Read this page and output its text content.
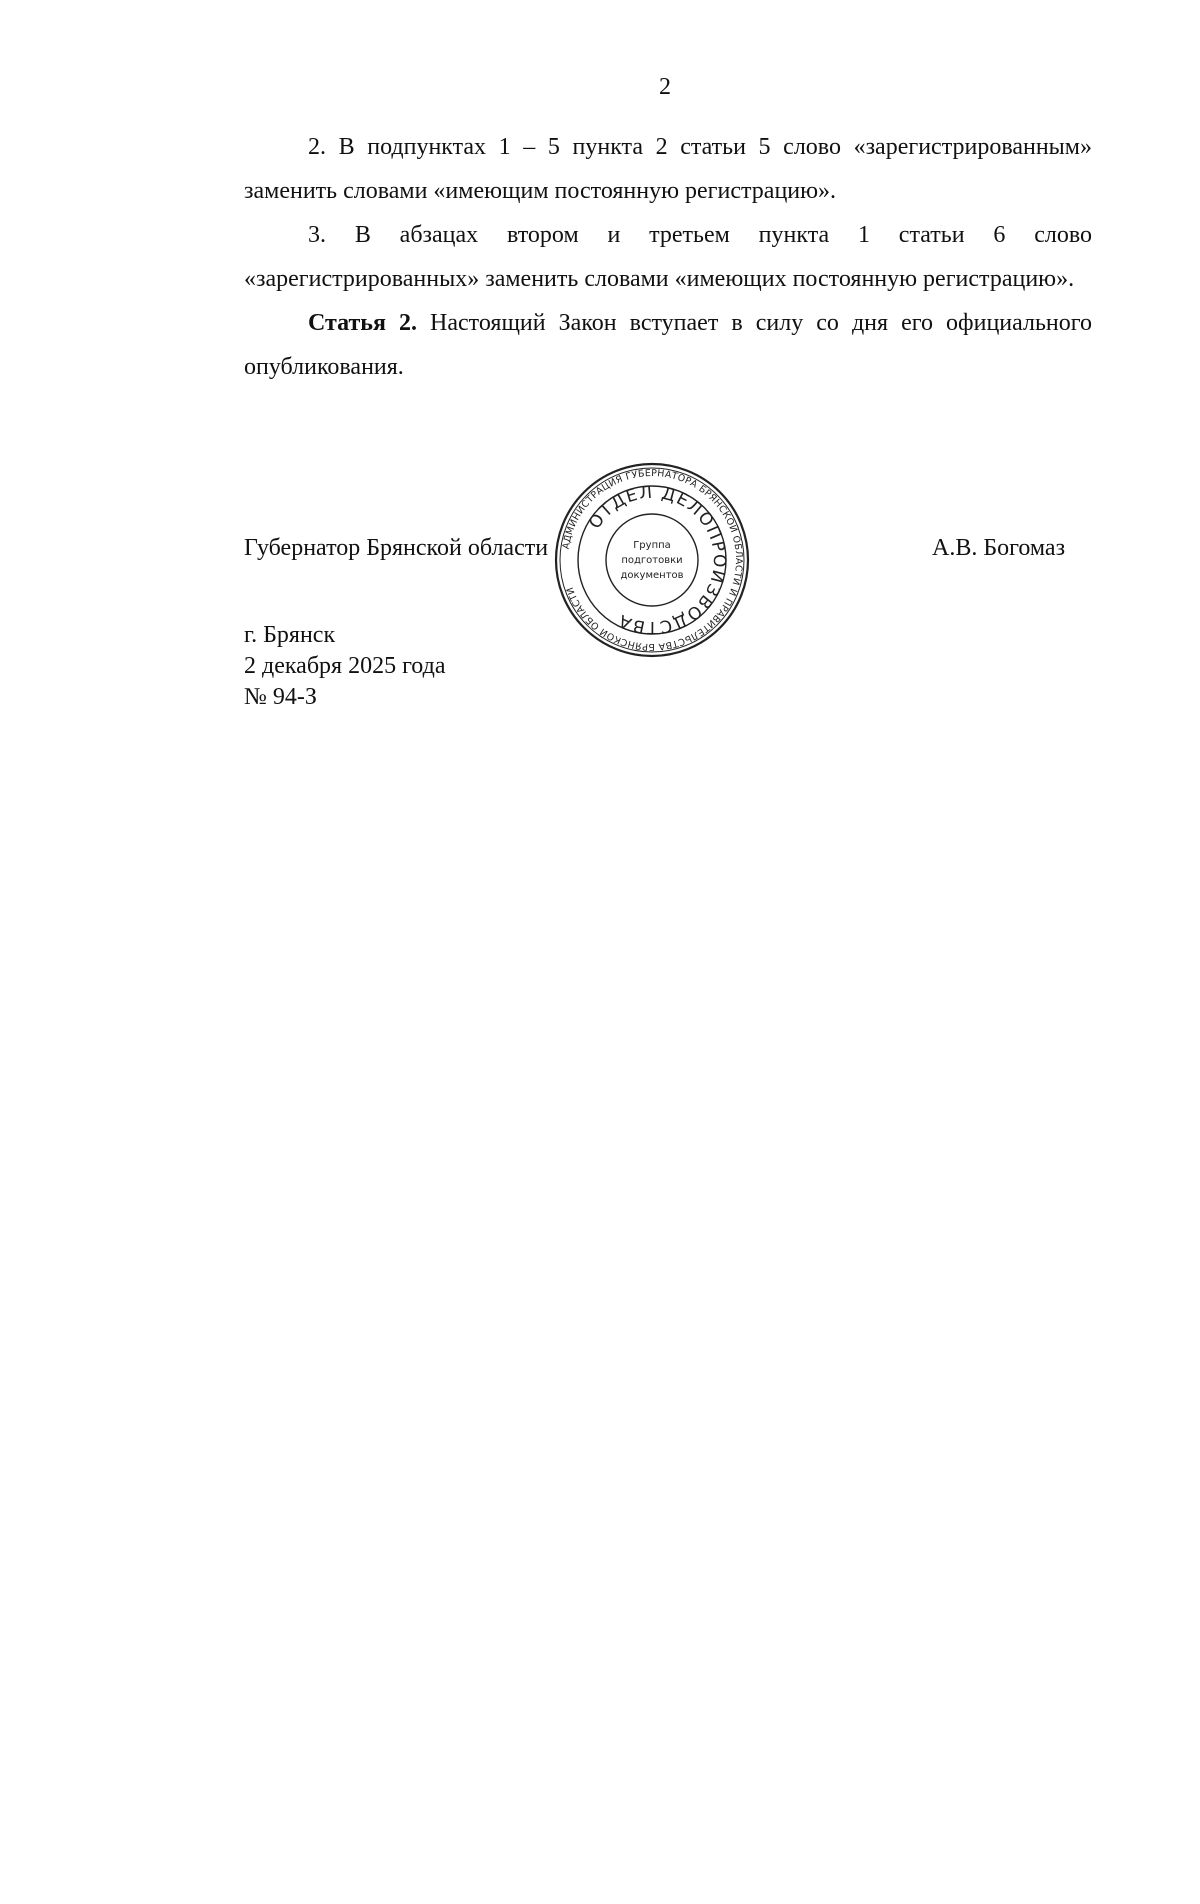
2

2. В подпунктах 1 – 5 пункта 2 статьи 5 слово «зарегистрированным» заменить словами «имеющим постоянную регистрацию».

3. В абзацах втором и третьем пункта 1 статьи 6 слово «зарегистрированных» заменить словами «имеющих постоянную регистрацию».

Статья 2. Настоящий Закон вступает в силу со дня его официального опубликования.

Губернатор Брянской области АДМИНИСТРАЦИЯ ГУБЕРНАТОРА БРЯНСКОЙ ОБЛАСТИ И ПРАВИТЕЛЬСТВА БРЯНСКОЙ ОБЛАСТИ
ОТДЕЛ ДЕЛОПРОИЗВОДСТВА
Группа
подготовки
документов
А.В. Богомаз
г. Брянск
2 декабря 2025 года
№ 94-З
